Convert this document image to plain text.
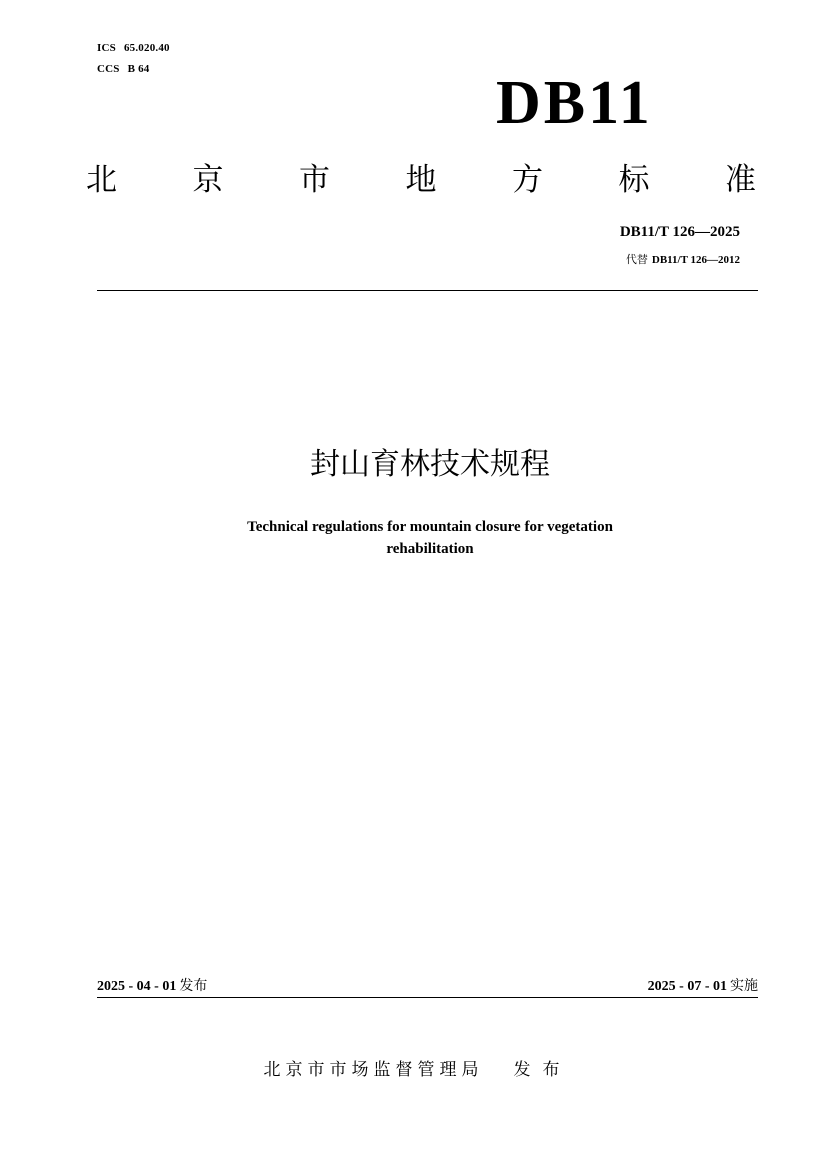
ICS 65.020.40
CCS B 64	DB11
北 京 市 地 方 标 准
DB11/T 126—2025
代替 DB11/T 126—2012
封山育林技术规程
Technical regulations for mountain closure for vegetation
rehabilitation
2025 - 04 - 01 发布	2025 - 07 - 01 实施
北京市市场监督管理局 发布
